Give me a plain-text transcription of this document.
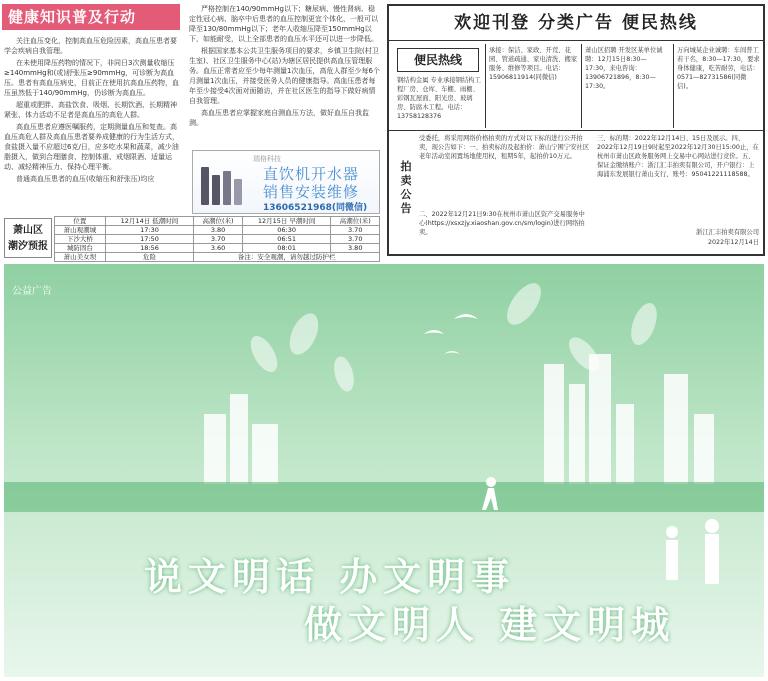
健康知识普及行动

关注血压变化，控制高血压危险因素，高血压患者要学会疾病自我管理。

在未使用降压药物的情况下，非同日3次测量收缩压≥140mmHg和(或)舒张压≥90mmHg，可诊断为高血压。患者有高血压病史，目前正在使用抗高血压药物，血压虽然低于140/90mmHg，仍诊断为高血压。

超重或肥胖、高盐饮食、吸烟、长期饮酒、长期精神紧张、体力活动不足者是高血压的高危人群。

高血压患者应遵医嘱服药，定期测量血压和复查。高血压高危人群及高血压患者要养成健康的行为生活方式，食盐摄入量不应超过6克/日，应多吃水果和蔬菜，减少油脂摄入，做到合理膳食、控制体重、戒烟限酒、适量运动、减轻精神压力、保持心理平衡。

普通高血压患者的血压(收缩压和舒张压)均应

严格控制在140/90mmHg以下；糖尿病、慢性肾病、稳定性冠心病、脑卒中后患者的血压控制更宜个体化，一般可以降至130/80mmHg以下；老年人收缩压降至150mmHg以下，如能耐受，以上全部患者的血压水平还可以进一步降低。

根据国家基本公共卫生服务项目的要求，乡镇卫生院(村卫生室)、社区卫生服务中心(站)为辖区居民提供高血压管理服务。血压正常者应至少每年测量1次血压，高危人群至少每6个月测量1次血压，并接受医务人员的健康指导。高血压患者每年至少接受4次面对面随访，并在社区医生的指导下做好病情自我管理。

高血压患者应掌握家庭自测血压方法，做好血压自我监测。

瑞格科技
直饮机开水器
销售安装维修
13606521968(同微信)
萧山区
潮汐预报
位置	12月14日 低潮时间	高潮位(米)	12月15日 早潮时间	高潮位(米)
萧山观潮城	17:30	3.80	06:30	3.70
下沙大桥	17:50	3.70	06:51	3.70
城防固台	18:56	3.60	08:01	3.80
萧山美女坝	危险	备注：安全观潮，请勿越过防护栏		
欢迎刊登 分类广告 便民热线
便民热线
钢结构金属 专业承接钢结构工程厂房、仓库、车棚、雨棚、彩钢瓦屋面、阳光房、玻璃房、防腐木工程。电话：13758128376
承接：保洁、家政、开荒、花园、管道疏通、家电清洗、搬家服务、维修等项目。电话：15906811914(同微信)
萧山区招聘 开发区某单位诚聘：12月15日8:30—17:30，来电咨询：13906721896，8:30—17:30。
万向城某企业诚聘：车间普工若干名，8:30—17:30，要求身体健康，吃苦耐劳，电话：0571—82731586(同微信)。
拍
卖
公
告
受委托，将采用网络价格拍卖的方式对以下标的进行公开拍卖，现公告如下：一、拍卖标的及起拍价：萧山宁围宁安社区老年活动室闲置场地使用权，租期5年，起拍价10万元。
二、2022年12月21日9:30在杭州市萧山区资产交易服务中心(https://xsxzjy.xiaoshan.gov.cn/sm/login)进行网络拍卖。
三、标的期：2022年12月14日、15日及展示。四、2022年12月19日9时起至2022年12月30日15:00止，在杭州市萧山区政务服务网上交易中心网站进行竞价。五、保证金缴纳账户：浙江汇丰拍卖有限公司，开户银行：上海浦东发展银行萧山支行，账号：95041221118588。
浙江汇丰拍卖有限公司
2022年12月14日
公益广告
说文明话 办文明事
做文明人 建文明城
